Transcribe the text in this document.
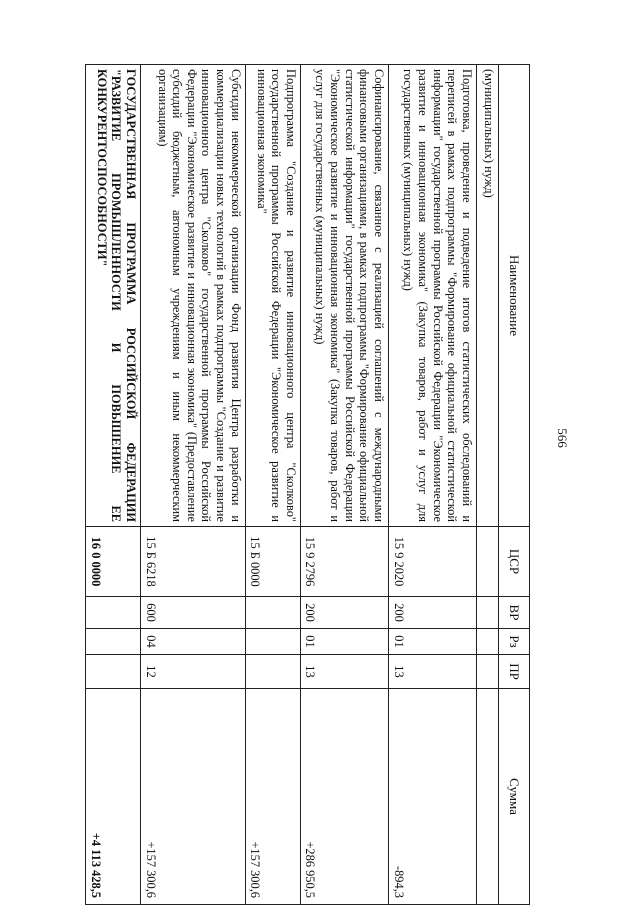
566
Наименование	ЦСР	ВР	Рз	ПР	Сумма
(муниципальных) нужд)					
Подготовка, проведение и подведение итогов статистических обследований и переписей в рамках подпрограммы "Формирование официальной статистической информации" государственной программы Российской Федерации "Экономическое развитие и инновационная экономика" (Закупка товаров, работ и услуг для государственных (муниципальных) нужд)	15 9 2020	200	01	13	-894,3
Софинансирование, связанное с реализацией соглашений с международными финансовыми организациями, в рамках подпрограммы "Формирование официальной статистической информации" государственной программы Российской Федерации "Экономическое развитие и инновационная экономика" (Закупка товаров, работ и услуг для государственных (муниципальных) нужд)	15 9 2796	200	01	13	+286 950,5
Подпрограмма "Создание и развитие инновационного центра "Сколково" государственной программы Российской Федерации "Экономическое развитие и инновационная экономика"	15 Б 0000				+157 300,6
Субсидии некоммерческой организации Фонд развития Центра разработки и коммерциализации новых технологий в рамках подпрограммы "Создание и развитие инновационного центра "Сколково" государственной программы Российской Федерации "Экономическое развитие и инновационная экономика" (Предоставление субсидий бюджетным, автономным учреждениям и иным некоммерческим организациям)	15 Б 6218	600	04	12	+157 300,6
ГОСУДАРСТВЕННАЯ ПРОГРАММА РОССИЙСКОЙ ФЕДЕРАЦИИ "РАЗВИТИЕ ПРОМЫШЛЕННОСТИ И ПОВЫШЕНИЕ ЕЕ КОНКУРЕНТОСПОСОБНОСТИ"	16 0 0000				+4 113 428,5
